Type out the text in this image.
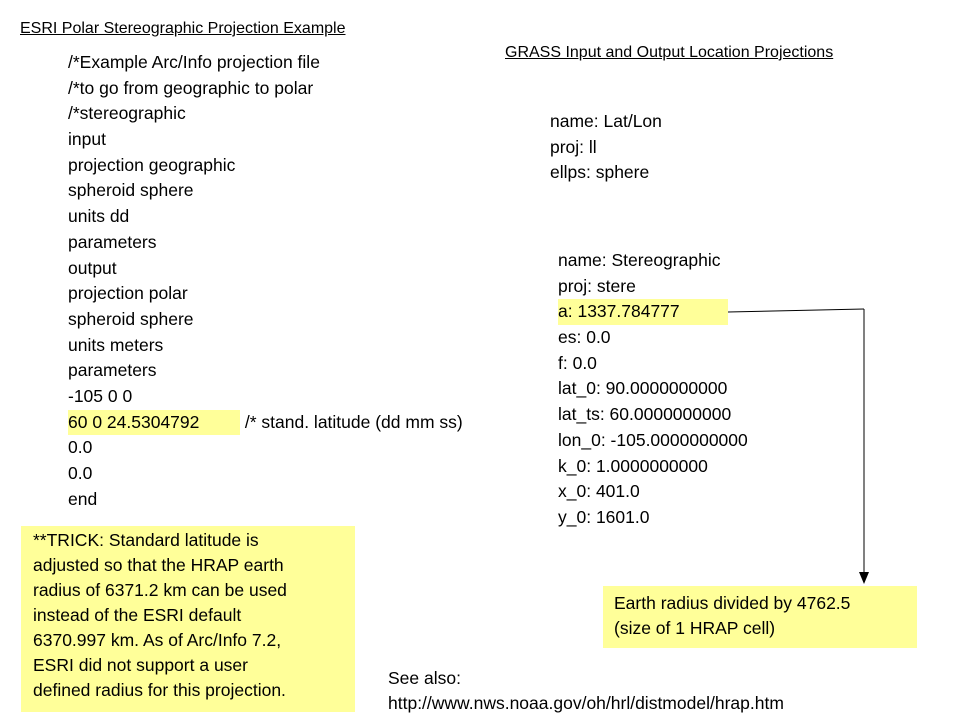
ESRI Polar Stereographic Projection Example
/*Example Arc/Info projection file
/*to go from geographic to polar
/*stereographic
input
projection geographic
spheroid sphere
units dd
parameters
output
projection polar
spheroid sphere
units meters
parameters
-105 0 0
60 0 24.5304792 /* stand. latitude (dd mm ss)
0.0
0.0
end
GRASS Input and Output Location Projections
name: Lat/Lon
proj: ll
ellps: sphere
name: Stereographic
proj: stere
a: 1337.784777
es: 0.0
f: 0.0
lat_0: 90.0000000000
lat_ts: 60.0000000000
lon_0: -105.0000000000
k_0: 1.0000000000
x_0: 401.0
y_0: 1601.0
**TRICK: Standard latitude is
adjusted so that the HRAP earth
radius of 6371.2 km can be used
instead of the ESRI default
6370.997 km. As of Arc/Info 7.2,
ESRI did not support a user
defined radius for this projection.
Earth radius divided by 4762.5
(size of 1 HRAP cell)
See also:
http://www.nws.noaa.gov/oh/hrl/distmodel/hrap.htm
